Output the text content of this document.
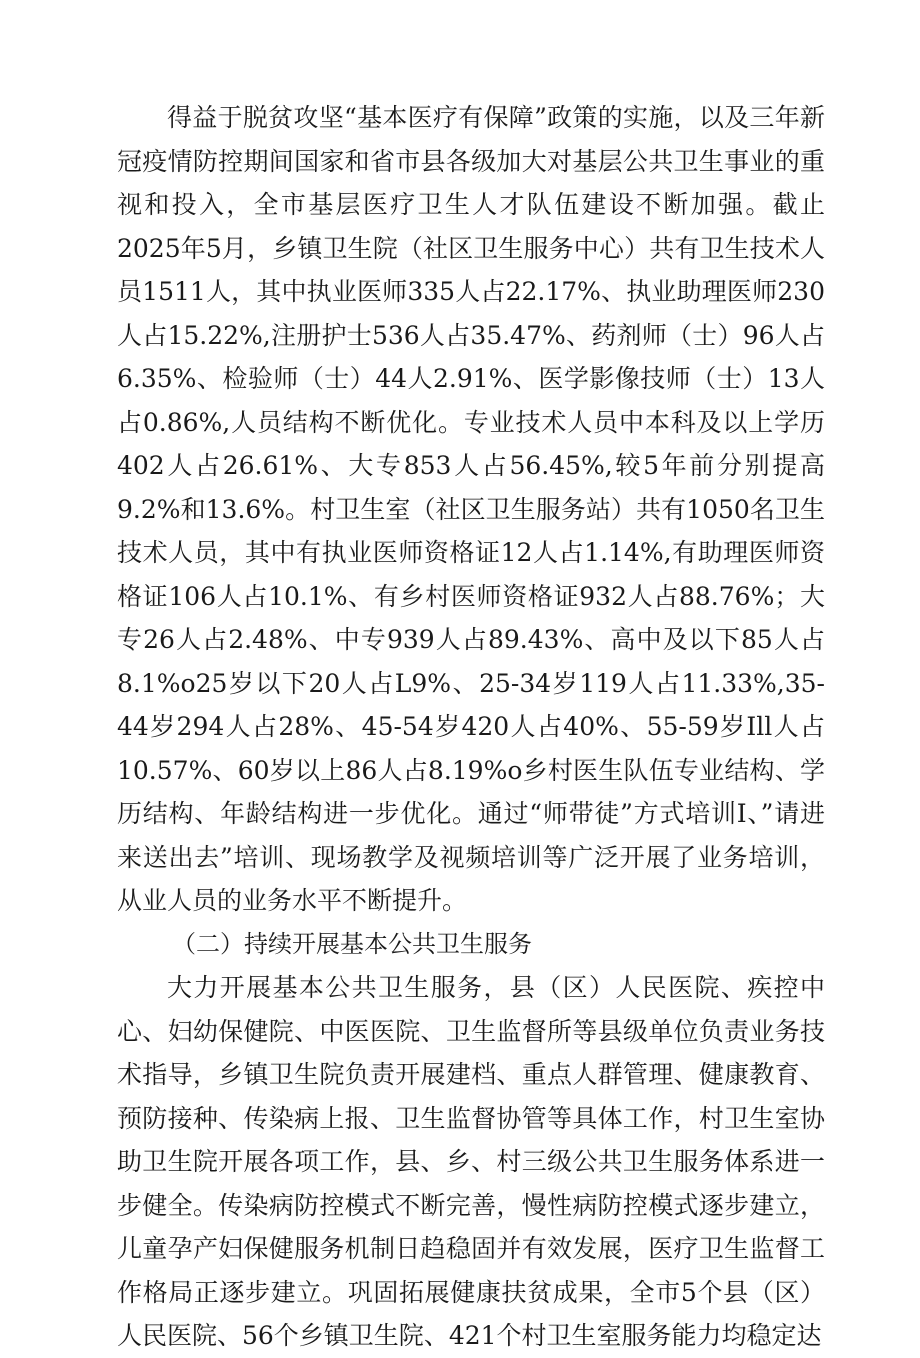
得益于脱贫攻坚“基本医疗有保障”政策的实施，以及三年新冠疫情防控期间国家和省市县各级加大对基层公共卫生事业的重视和投入，全市基层医疗卫生人才队伍建设不断加强。截止2025年5月，乡镇卫生院（社区卫生服务中心）共有卫生技术人员1511人，其中执业医师335人占22.17%、执业助理医师230人占15.22%,注册护士536人占35.47%、药剂师（士）96人占6.35%、检验师（士）44人2.91%、医学影像技师（士）13人占0.86%,人员结构不断优化。专业技术人员中本科及以上学历402人占26.61%、大专853人占56.45%,较5年前分别提高9.2%和13.6%。村卫生室（社区卫生服务站）共有1050名卫生技术人员，其中有执业医师资格证12人占1.14%,有助理医师资格证106人占10.1%、有乡村医师资格证932人占88.76%；大专26人占2.48%、中专939人占89.43%、高中及以下85人占8.1%o25岁以下20人占L9%、25-34岁119人占11.33%,35-44岁294人占28%、45-54岁420人占40%、55-59岁Ill人占10.57%、60岁以上86人占8.19%o乡村医生队伍专业结构、学历结构、年龄结构进一步优化。通过“师带徒”方式培训I、”请进来送出去”培训、现场教学及视频培训等广泛开展了业务培训，从业人员的业务水平不断提升。

（二）持续开展基本公共卫生服务

大力开展基本公共卫生服务，县（区）人民医院、疾控中心、妇幼保健院、中医医院、卫生监督所等县级单位负责业务技术指导，乡镇卫生院负责开展建档、重点人群管理、健康教育、预防接种、传染病上报、卫生监督协管等具体工作，村卫生室协助卫生院开展各项工作，县、乡、村三级公共卫生服务体系进一步健全。传染病防控模式不断完善，慢性病防控模式逐步建立，儿童孕产妇保健服务机制日趋稳固并有效发展，医疗卫生监督工作格局正逐步建立。巩固拓展健康扶贫成果，全市5个县（区）人民医院、56个乡镇卫生院、421个村卫生室服务能力均稳定达
